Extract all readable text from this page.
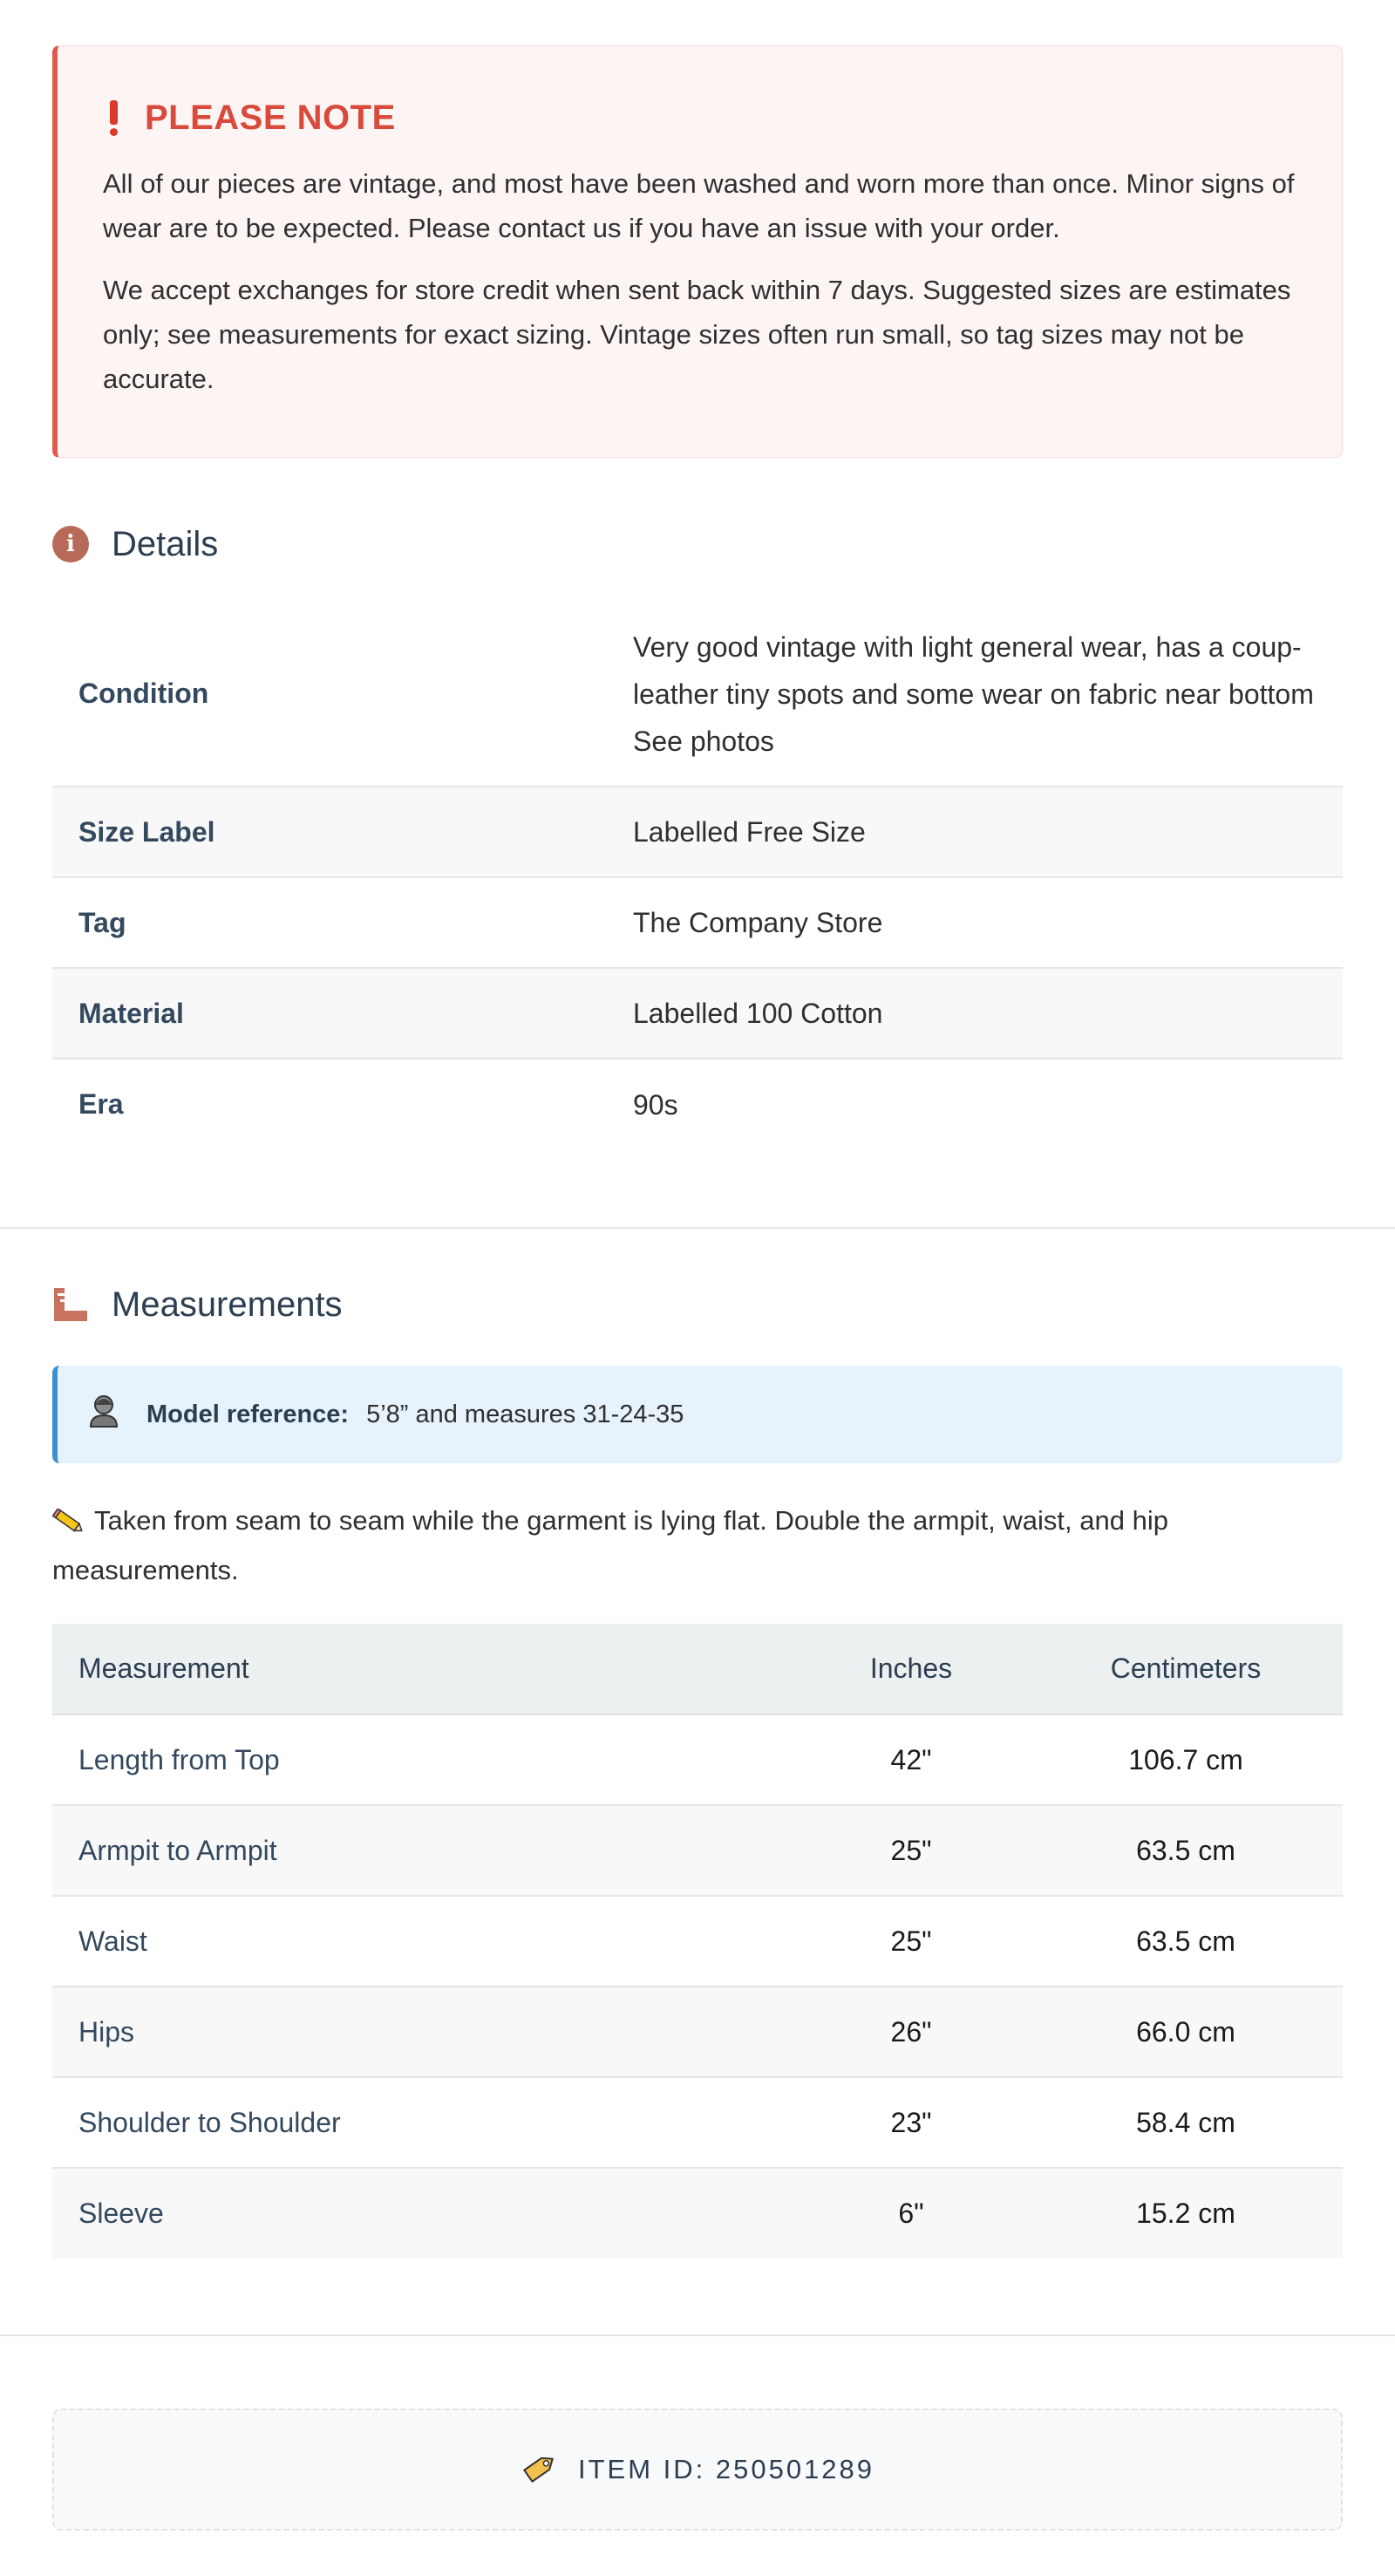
PLEASE NOTE

All of our pieces are vintage, and most have been washed and worn more than once. Minor signs of wear are to be expected. Please contact us if you have an issue with your order.

We accept exchanges for store credit when sent back within 7 days. Suggested sizes are estimates only; see measurements for exact sizing. Vintage sizes often run small, so tag sizes may not be accurate.

i	Details
Condition	Very good vintage with light general wear, has a coup-leather tiny spots and some wear on fabric near bottom See photos
Size Label	Labelled Free Size
Tag	The Company Store
Material	Labelled 100 Cotton
Era	90s
Measurements
Model reference: 5’8” and measures 31-24-35
Taken from seam to seam while the garment is lying flat. Double the armpit, waist, and hip measurements.
Measurement	Inches	Centimeters
Length from Top	42"	106.7 cm
Armpit to Armpit	25"	63.5 cm
Waist	25"	63.5 cm
Hips	26"	66.0 cm
Shoulder to Shoulder	23"	58.4 cm
Sleeve	6"	15.2 cm
ITEM ID: 250501289
